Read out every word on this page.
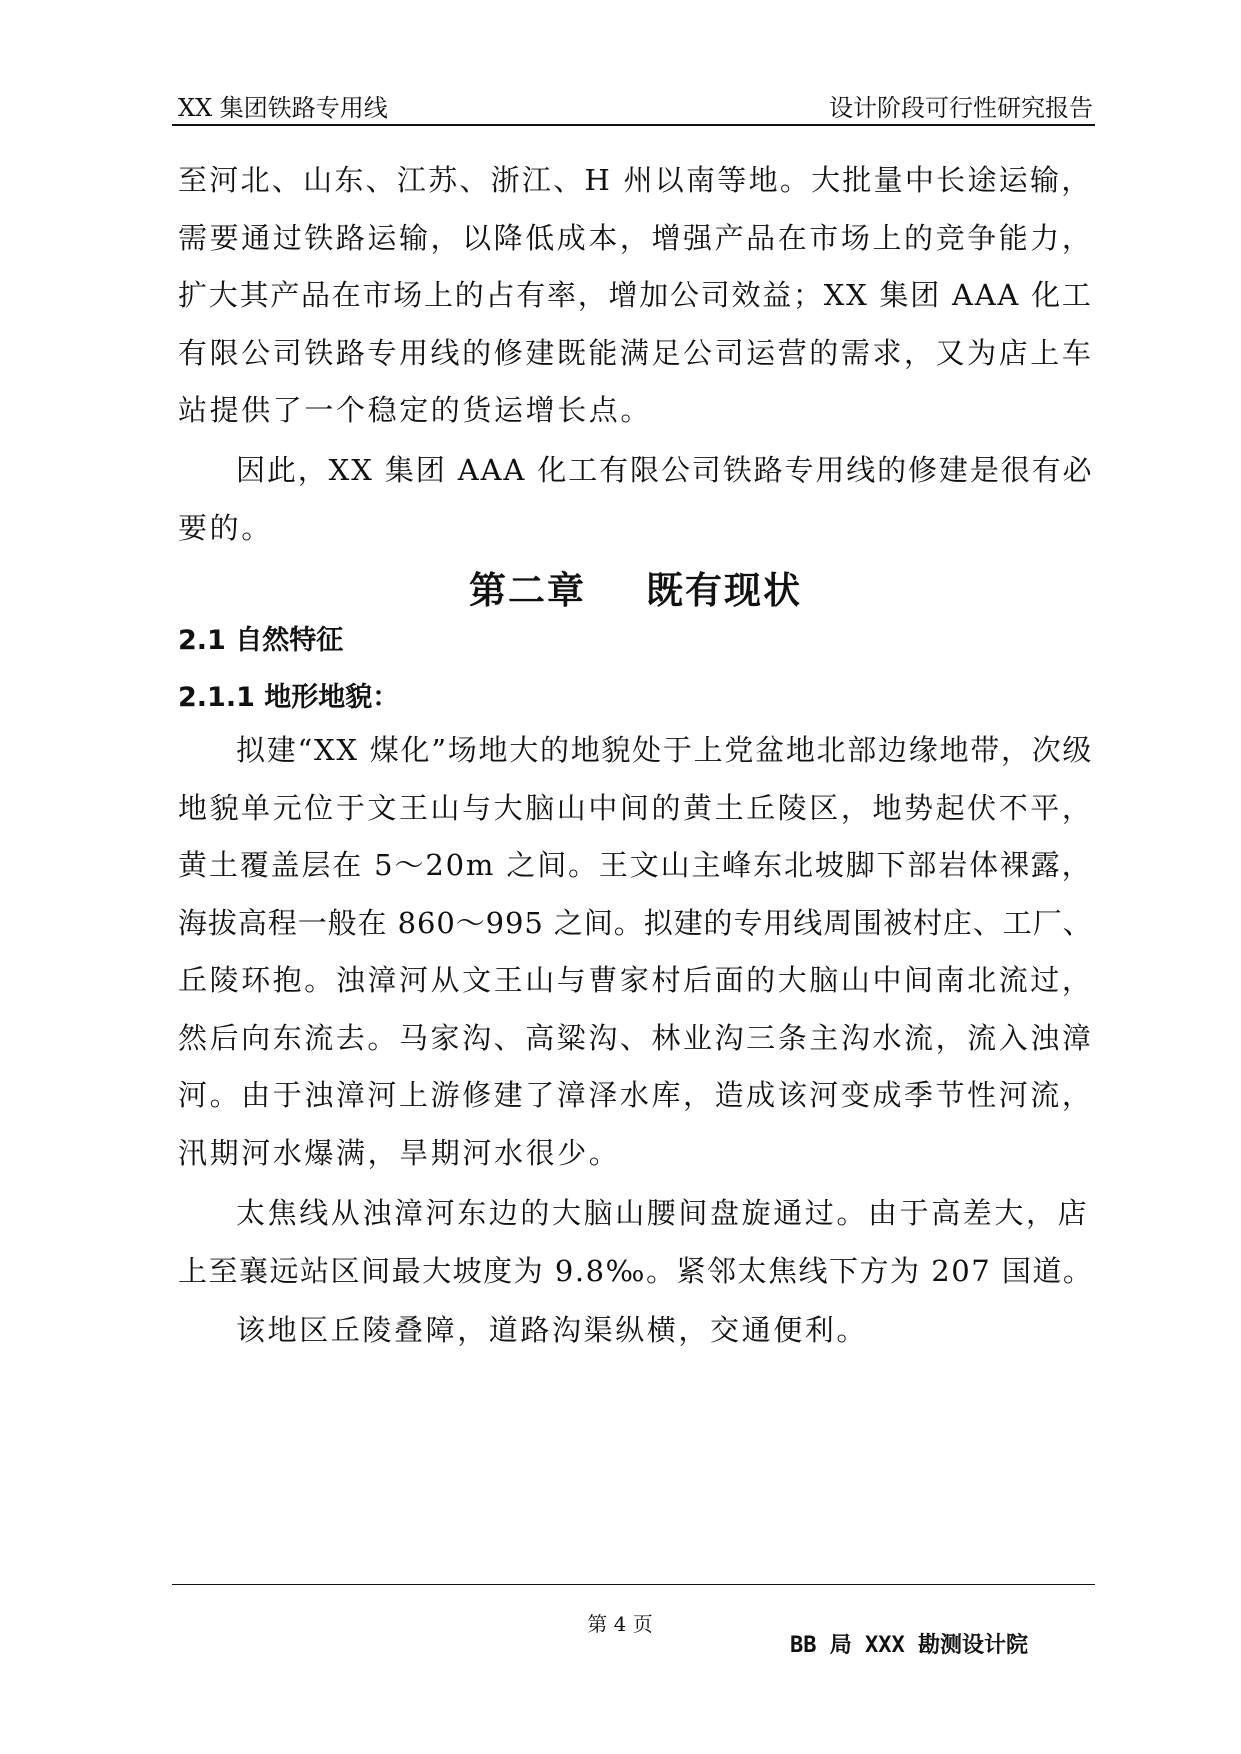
XX 集团铁路专用线	设计阶段可行性研究报告
至河北、山东、江苏、浙江、H 州以南等地。大批量中长途运输，
需要通过铁路运输，以降低成本，增强产品在市场上的竞争能力，
扩大其产品在市场上的占有率，增加公司效益；XX 集团 AAA 化工
有限公司铁路专用线的修建既能满足公司运营的需求，又为店上车
站提供了一个稳定的货运增长点。
因此，XX 集团 AAA 化工有限公司铁路专用线的修建是很有必
要的。
第二章 既有现状
2.1 自然特征
2.1.1 地形地貌：
拟建“XX 煤化”场地大的地貌处于上党盆地北部边缘地带，次级
地貌单元位于文王山与大脑山中间的黄土丘陵区，地势起伏不平，
黄土覆盖层在 5～20m 之间。王文山主峰东北坡脚下部岩体裸露，
海拔高程一般在 860～995 之间。拟建的专用线周围被村庄、工厂、
丘陵环抱。浊漳河从文王山与曹家村后面的大脑山中间南北流过，
然后向东流去。马家沟、高粱沟、林业沟三条主沟水流，流入浊漳
河。由于浊漳河上游修建了漳泽水库，造成该河变成季节性河流，
汛期河水爆满，旱期河水很少。
太焦线从浊漳河东边的大脑山腰间盘旋通过。由于高差大，店
上至襄远站区间最大坡度为 9.8‰。紧邻太焦线下方为 207 国道。
该地区丘陵叠障，道路沟渠纵横，交通便利。
第 4 页
BB 局 XXX 勘测设计院
